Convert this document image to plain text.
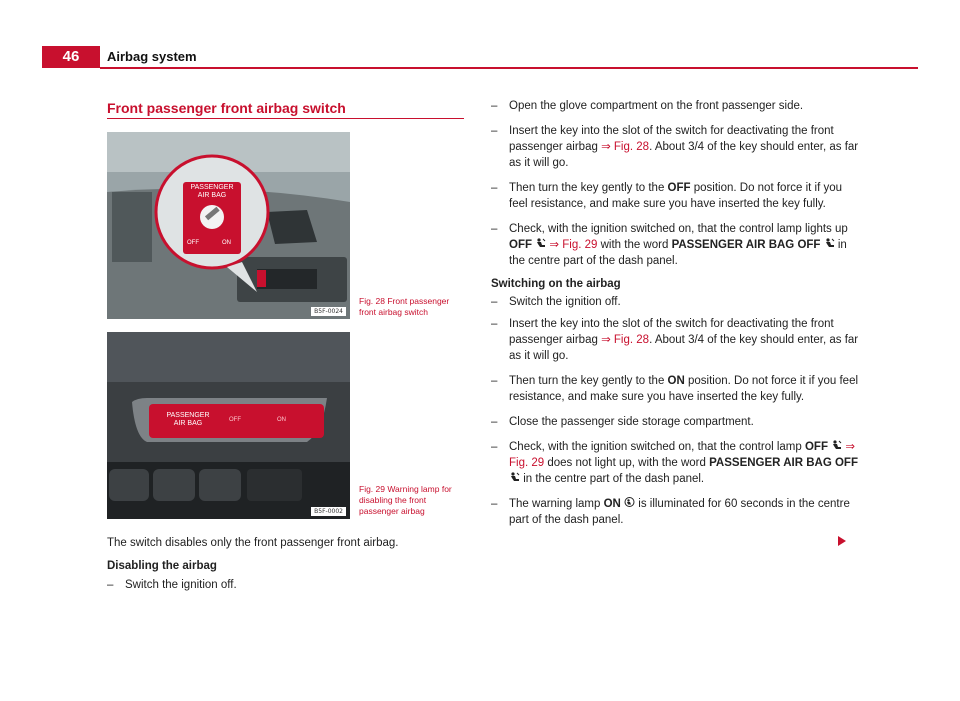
46	Airbag system
Front passenger front airbag switch
PASSENGER
AIR BAG
OFF	ON
B5F-0024
Fig. 28 Front passenger front airbag switch
PASSENGER
AIR BAG	OFF	ON
B5F-0002
Fig. 29 Warning lamp for disabling the front passenger airbag

The switch disables only the front passenger front airbag.

Disabling the airbag

– Switch the ignition off.
– Open the glove compartment on the front passenger side.
– Insert the key into the slot of the switch for deactivating the front passenger airbag ⇒ Fig. 28. About 3/4 of the key should enter, as far as it will go.
– Then turn the key gently to the OFF position. Do not force it if you feel resistance, and make sure you have inserted the key fully.
– Check, with the ignition switched on, that the control lamp lights up OFF ⇒ Fig. 29 with the word PASSENGER AIR BAG OFF  in the centre part of the dash panel.
Switching on the airbag
– Switch the ignition off.
– Insert the key into the slot of the switch for deactivating the front passenger airbag ⇒ Fig. 28. About 3/4 of the key should enter, as far as it will go.
– Then turn the key gently to the ON position. Do not force it if you feel resistance, and make sure you have inserted the key fully.
– Close the passenger side storage compartment.
– Check, with the ignition switched on, that the control lamp OFF ⇒ Fig. 29 does not light up, with the word PASSENGER AIR BAG OFF  in the centre part of the dash panel.
– The warning lamp ON  is illuminated for 60 seconds in the centre part of the dash panel.
